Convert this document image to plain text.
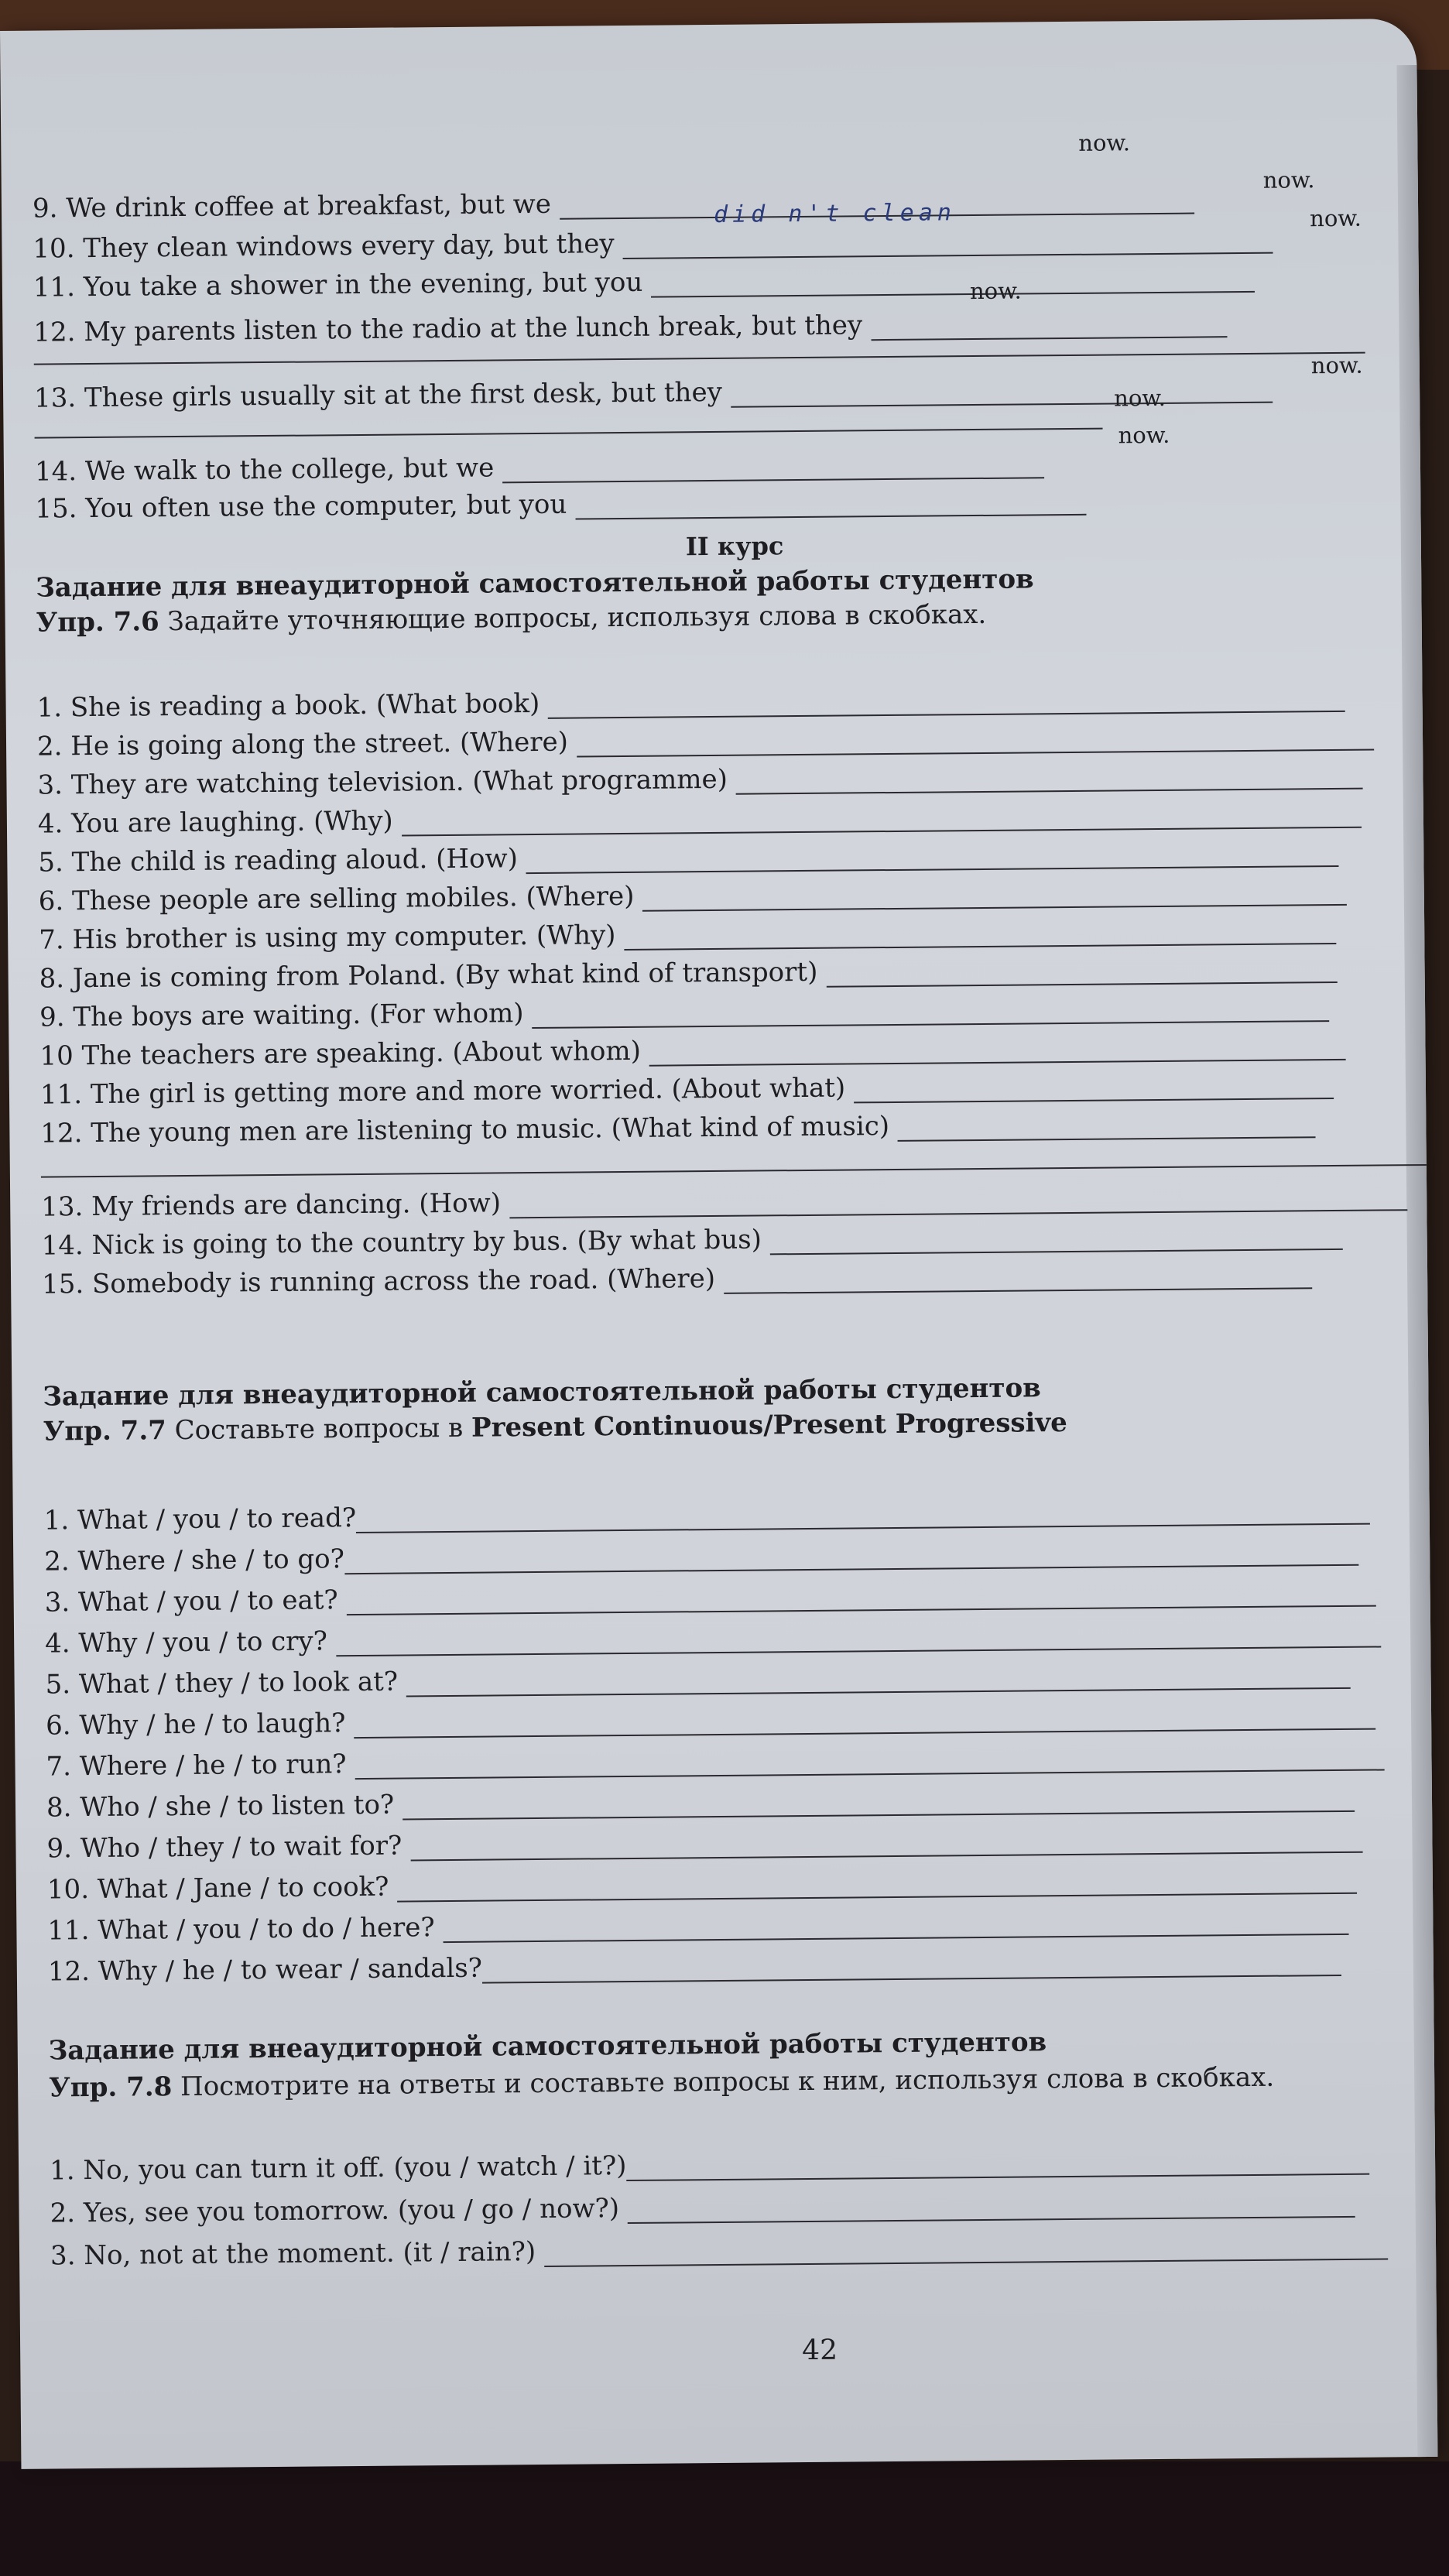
now.
9. We drink coffee at breakfast, but we
now.
10. They clean windows every day, but they
did n't clean	now.
11. You take a shower in the evening, but you	now.
12. My parents listen to the radio at the lunch break, but they
13. These girls usually sit at the first desk, but they
now.
now.
14. We walk to the college, but we
now.
15. You often use the computer, but you
II курс
Задание для внеаудиторной самостоятельной работы студентов
Упр. 7.6 Задайте уточняющие вопросы, используя слова в скобках.
1. She is reading a book. (What book)
2. He is going along the street. (Where)
3. They are watching television. (What programme)
4. You are laughing. (Why)
5. The child is reading aloud. (How)
6. These people are selling mobiles. (Where)
7. His brother is using my computer. (Why)
8. Jane is coming from Poland. (By what kind of transport)
9. The boys are waiting. (For whom)
10 The teachers are speaking. (About whom)
11. The girl is getting more and more worried. (About what)
12. The young men are listening to music. (What kind of music)
13. My friends are dancing. (How)
14. Nick is going to the country by bus. (By what bus)
15. Somebody is running across the road. (Where)
Задание для внеаудиторной самостоятельной работы студентов
Упр. 7.7 Составьте вопросы в Present Continuous/Present Progressive
1. What / you / to read?
2. Where / she / to go?
3. What / you / to eat?
4. Why / you / to cry?
5. What / they / to look at?
6. Why / he / to laugh?
7. Where / he / to run?
8. Who / she / to listen to?
9. Who / they / to wait for?
10. What / Jane / to cook?
11. What / you / to do / here?
12. Why / he / to wear / sandals?
Задание для внеаудиторной самостоятельной работы студентов
Упр. 7.8 Посмотрите на ответы и составьте вопросы к ним, используя слова в скобках.
1. No, you can turn it off. (you / watch / it?)
2. Yes, see you tomorrow. (you / go / now?)
3. No, not at the moment. (it / rain?)
42
